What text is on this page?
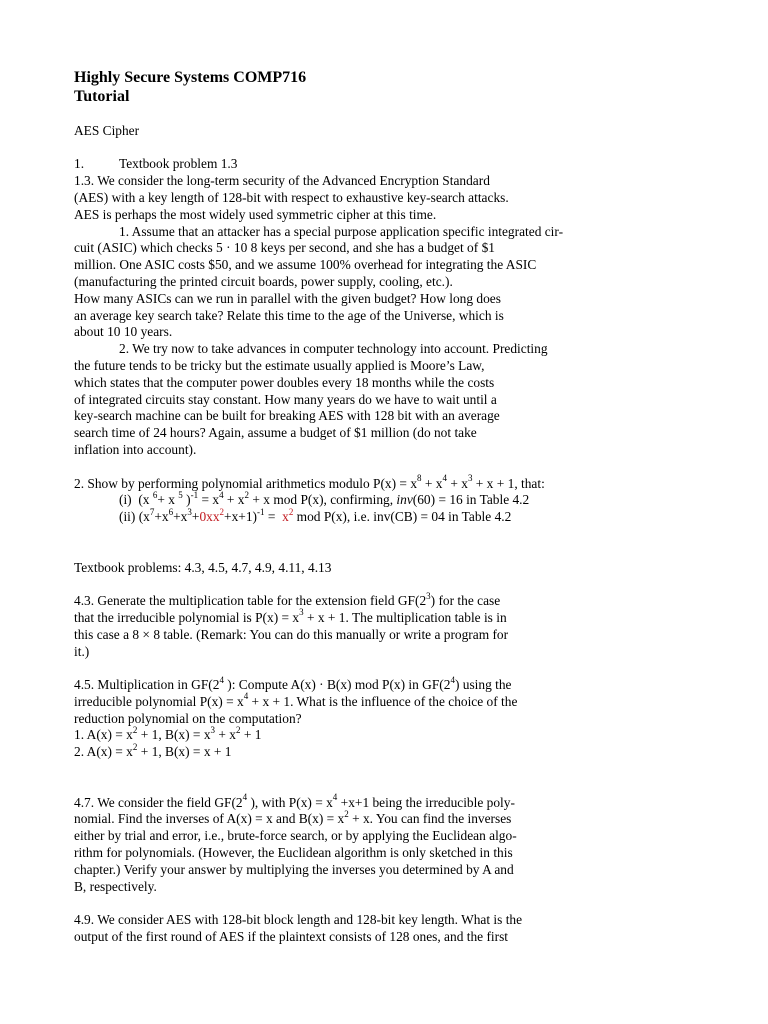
Highly Secure Systems COMP716
Tutorial
AES Cipher
1.	Textbook problem 1.3
1.3. We consider the long-term security of the Advanced Encryption Standard
(AES) with a key length of 128-bit with respect to exhaustive key-search attacks.
AES is perhaps the most widely used symmetric cipher at this time.
1. Assume that an attacker has a special purpose application specific integrated cir-
cuit (ASIC) which checks 5 · 10 8 keys per second, and she has a budget of $1
million. One ASIC costs $50, and we assume 100% overhead for integrating the ASIC
(manufacturing the printed circuit boards, power supply, cooling, etc.).
How many ASICs can we run in parallel with the given budget? How long does
an average key search take? Relate this time to the age of the Universe, which is
about 10 10 years.
2. We try now to take advances in computer technology into account. Predicting
the future tends to be tricky but the estimate usually applied is Moore’s Law,
which states that the computer power doubles every 18 months while the costs
of integrated circuits stay constant. How many years do we have to wait until a
key-search machine can be built for breaking AES with 128 bit with an average
search time of 24 hours? Again, assume a budget of $1 million (do not take
inflation into account).
2. Show by performing polynomial arithmetics modulo $P(x) = x^8 + x^4 + x^3 + x + 1$, that:
(i)  (x $^6$+ x $^5$ )$^{-1} = x^4 + x^2 + x$ mod P(x), confirming, inv(60) = 16 in Table 4.2
(ii) $(x^7+x^6+x^3+0xx^2+x+1)^{-1} = x^2$ mod P(x), i.e. inv(CB) = 04 in Table 4.2
Textbook problems: 4.3, 4.5, 4.7, 4.9, 4.11, 4.13
4.3. Generate the multiplication table for the extension field $GF(2^3)$ for the case
that the irreducible polynomial is $P(x) = x^3 + x + 1$. The multiplication table is in
this case a 8 × 8 table. (Remark: You can do this manually or write a program for
it.)
4.5. Multiplication in $GF(2^4$ ): Compute A(x) · B(x) mod P(x) in $GF(2^4)$ using the
irreducible polynomial $P(x) = x^4 + x + 1$. What is the influence of the choice of the
reduction polynomial on the computation?
1. $A(x) = x^2 + 1$, $B(x) = x^3 + x^2 + 1$
2. $A(x) = x^2 + 1$, B(x) = x + 1
4.7. We consider the field $GF(2^4$ ), with $P(x) = x^4 +x+1$ being the irreducible poly-
nomial. Find the inverses of A(x) = x and $B(x) = x^2 + x$. You can find the inverses
either by trial and error, i.e., brute-force search, or by applying the Euclidean algo-
rithm for polynomials. (However, the Euclidean algorithm is only sketched in this
chapter.) Verify your answer by multiplying the inverses you determined by A and
B, respectively.
4.9. We consider AES with 128-bit block length and 128-bit key length. What is the
output of the first round of AES if the plaintext consists of 128 ones, and the first
